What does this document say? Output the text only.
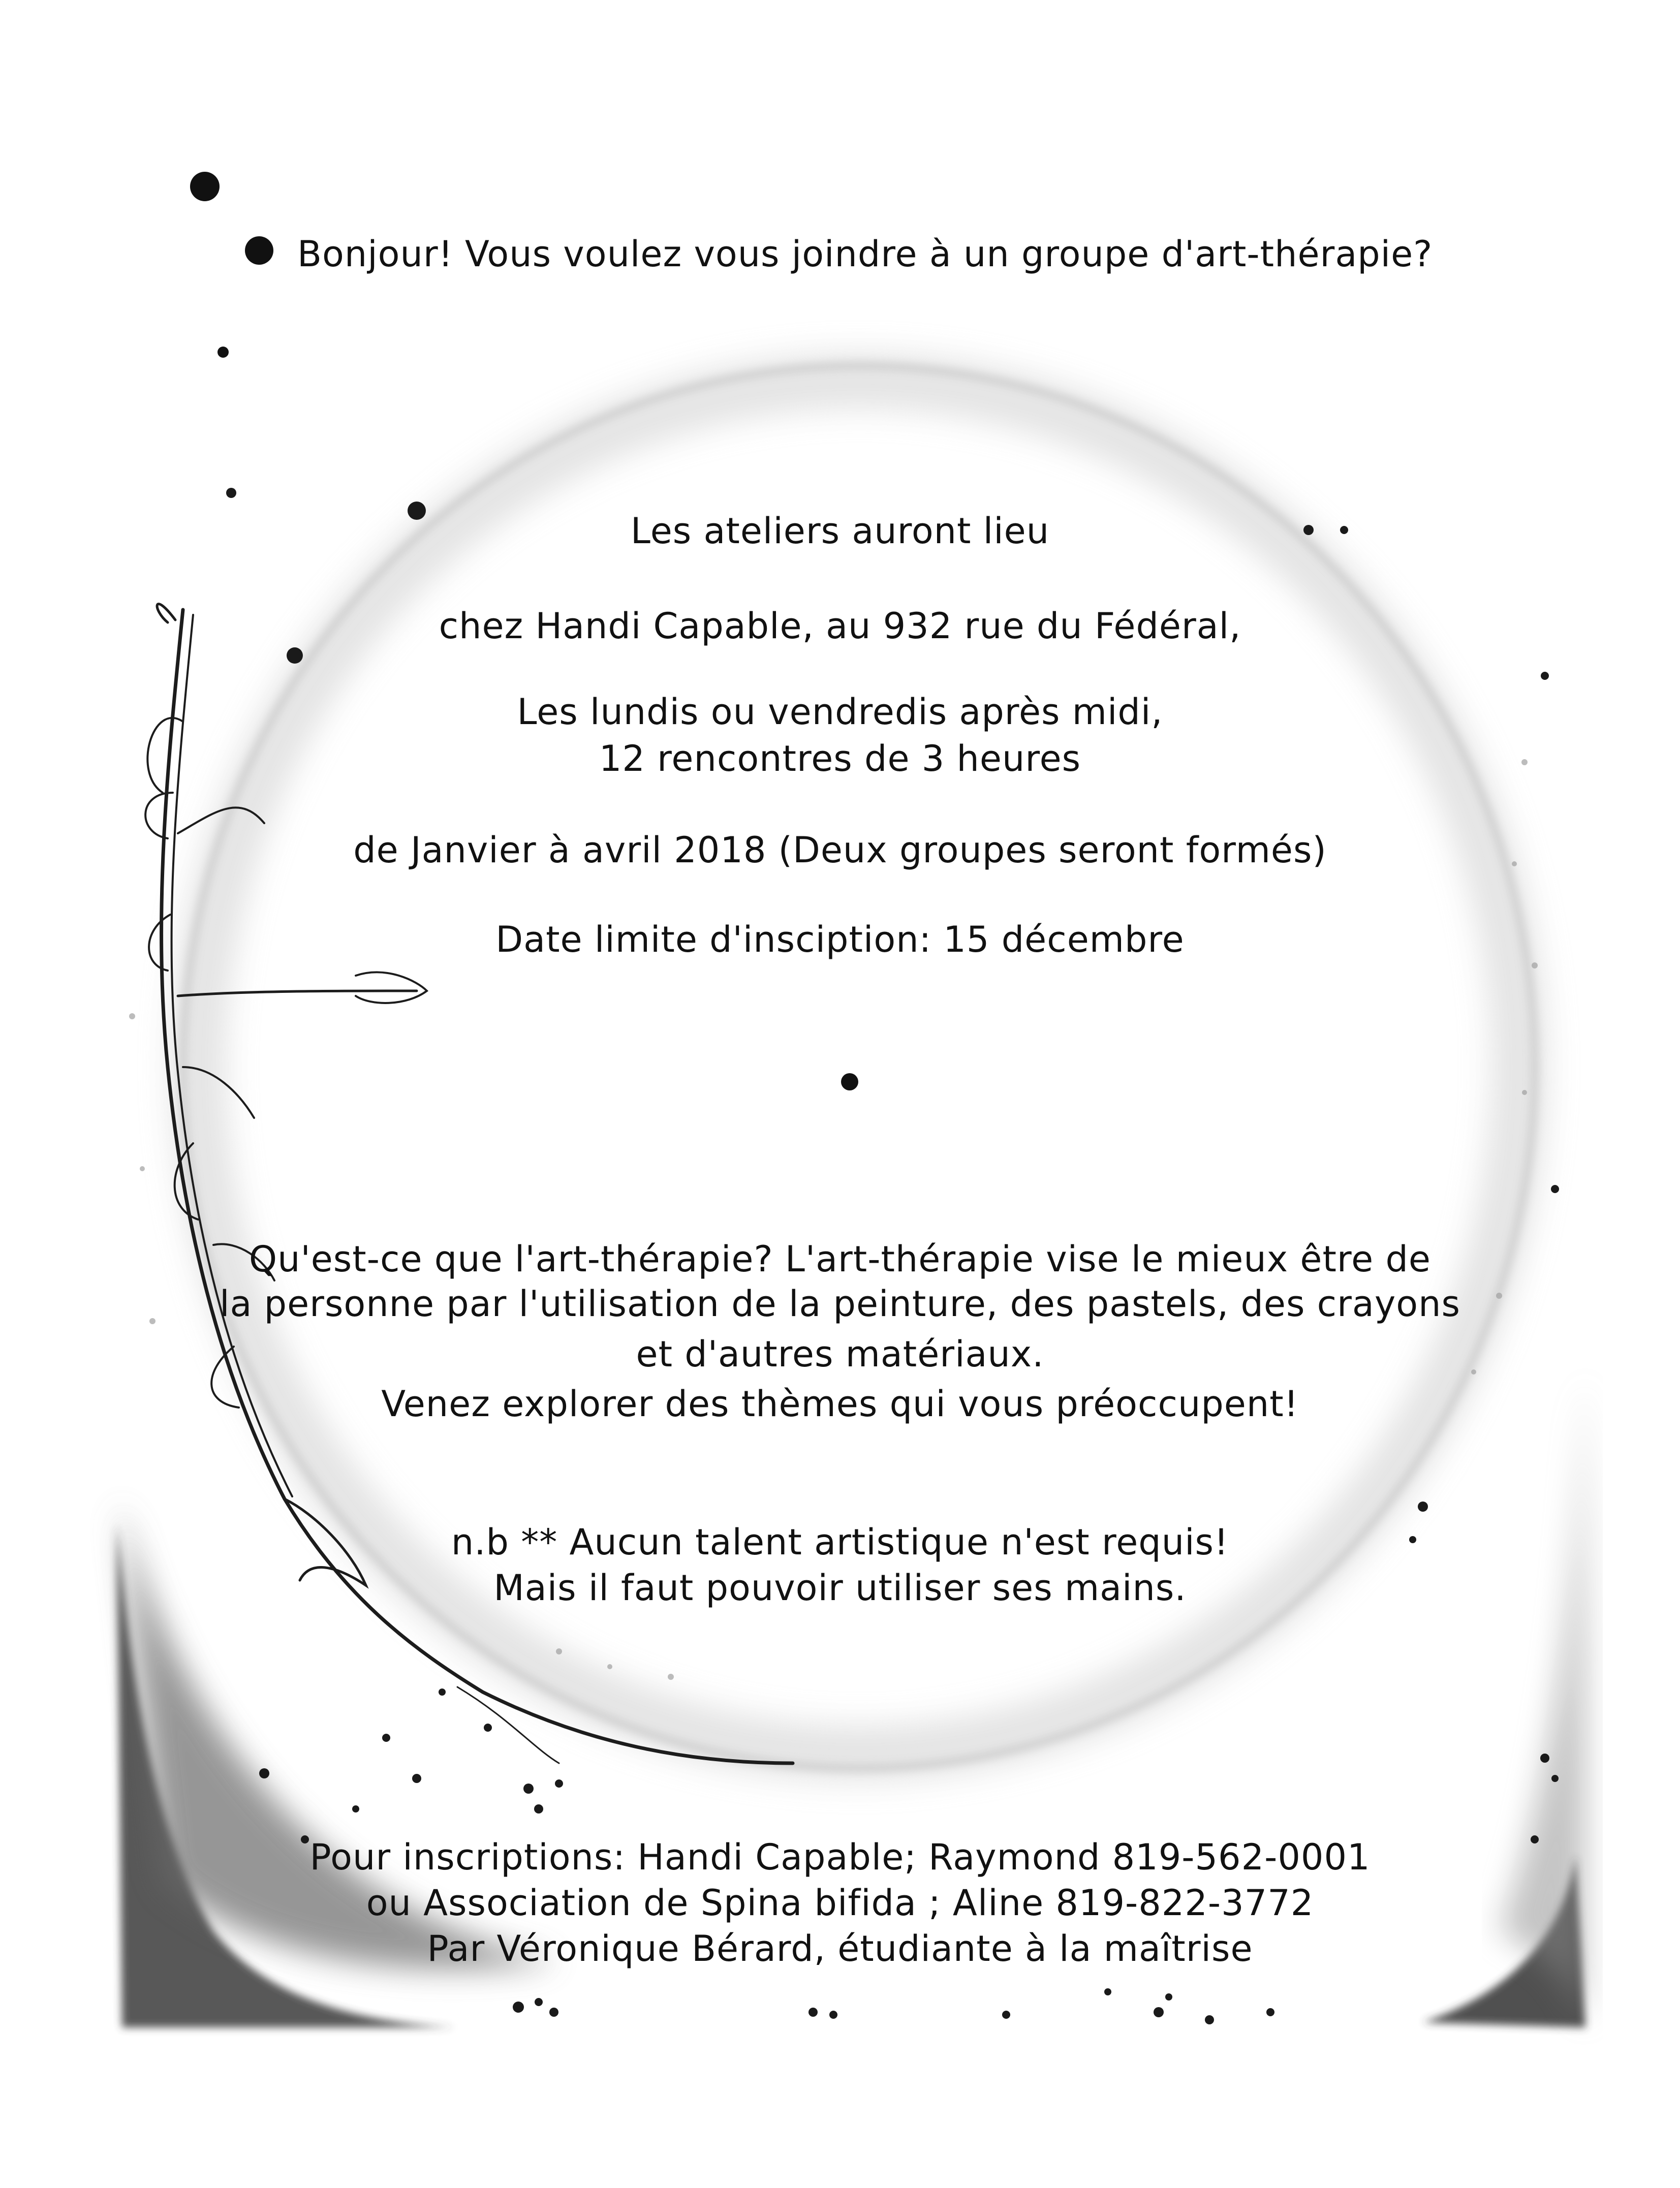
Bonjour! Vous voulez vous joindre à un groupe d'art-thérapie?
Les ateliers auront lieu
chez Handi Capable, au 932 rue du Fédéral,
Les lundis ou vendredis après midi,
12 rencontres de 3 heures
de Janvier à avril 2018 (Deux groupes seront formés)
Date limite d'insciption: 15 décembre
Qu'est-ce que l'art-thérapie? L'art-thérapie vise le mieux être de
la personne par l'utilisation de la peinture, des pastels, des crayons
et d'autres matériaux.
Venez explorer des thèmes qui vous préoccupent!
n.b ** Aucun talent artistique n'est requis!
Mais il faut pouvoir utiliser ses mains.
Pour inscriptions: Handi Capable; Raymond 819-562-0001
ou Association de Spina bifida ; Aline 819-822-3772
Par Véronique Bérard, étudiante à la maîtrise
